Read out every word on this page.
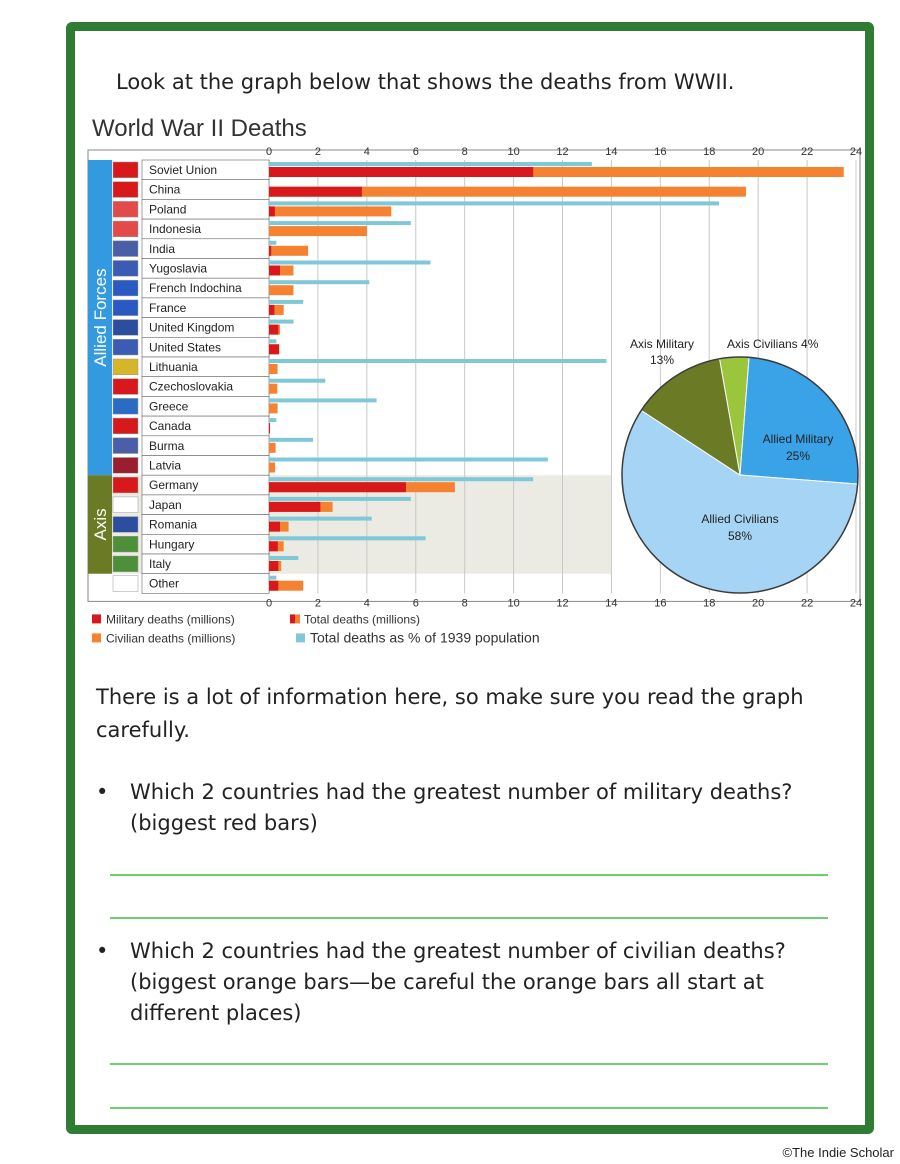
Look at the graph below that shows the deaths from WWII.
World War II Deaths
0
0
2
2
4
4
6
6
8
8
10
10
12
12
14
14
16
16
18
18
20
20
22
22
24
24
Allied Forces
Axis
Soviet Union
China
Poland
Indonesia
India
Yugoslavia
French Indochina
France
United Kingdom
United States
Lithuania
Czechoslovakia
Greece
Canada
Burma
Latvia
Germany
Japan
Romania
Hungary
Italy
Other
Military deaths (millions)	Total deaths (millions)
Civilian deaths (millions)	Total deaths as % of 1939 population
Allied Military
25%
Allied Civilians
58%
Axis Military
13%
Axis Civilians 4%
There is a lot of information here, so make sure you read the graph carefully.
• Which 2 countries had the greatest number of military deaths? (biggest red bars)
• Which 2 countries had the greatest number of civilian deaths? (biggest orange bars—be careful the orange bars all start at different places)
©The Indie Scholar
